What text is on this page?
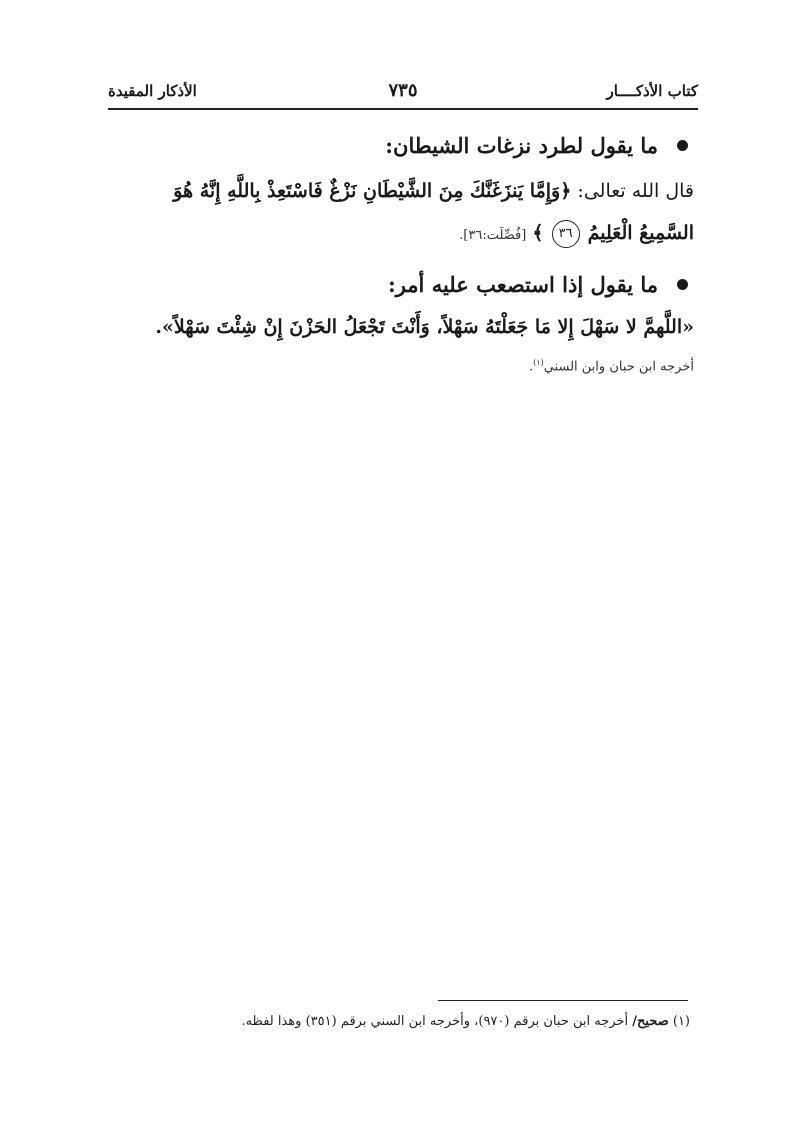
كتاب الأذكــــار
٧٣٥
الأذكار المقيدة
ما يقول لطرد نزغات الشيطان:
قال الله تعالى: ﴿وَإِمَّا يَنزَغَنَّكَ مِنَ الشَّيْطَانِ نَزْغٌ فَاسْتَعِذْ بِاللَّهِ إِنَّهُ هُوَ السَّمِيعُ الْعَلِيمُ ٣٦ ﴾ [فُصِّلَت:٣٦].
ما يقول إذا استصعب عليه أمر:
«اللَّهمَّ لا سَهْلَ إِلا مَا جَعَلْتَهُ سَهْلاً، وَأَنْتَ تَجْعَلُ الحَزْنَ إِنْ شِئْتَ سَهْلاً».
أخرجه ابن حبان وابن السني$^{(١)}$.
(١) صحيح/ أخرجه ابن حبان برقم (٩٧٠)، وأخرجه ابن السني برقم (٣٥١) وهذا لفظه.
